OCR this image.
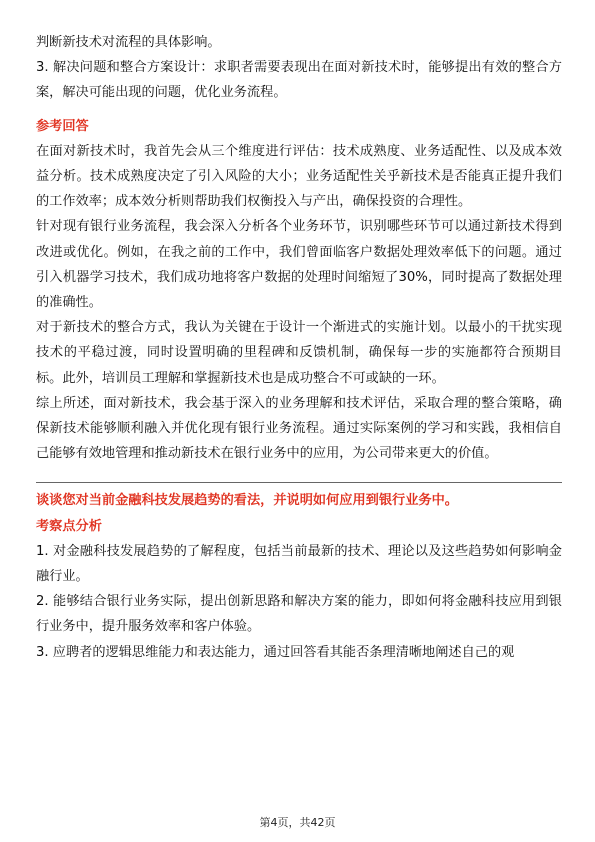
判断新技术对流程的具体影响。

3. 解决问题和整合方案设计：求职者需要表现出在面对新技术时，能够提出有效的整合方案，解决可能出现的问题，优化业务流程。

参考回答

在面对新技术时，我首先会从三个维度进行评估：技术成熟度、业务适配性、以及成本效益分析。技术成熟度决定了引入风险的大小；业务适配性关乎新技术是否能真正提升我们的工作效率；成本效分析则帮助我们权衡投入与产出，确保投资的合理性。

针对现有银行业务流程，我会深入分析各个业务环节，识别哪些环节可以通过新技术得到改进或优化。例如，在我之前的工作中，我们曾面临客户数据处理效率低下的问题。通过引入机器学习技术，我们成功地将客户数据的处理时间缩短了30%，同时提高了数据处理的准确性。

对于新技术的整合方式，我认为关键在于设计一个渐进式的实施计划。以最小的干扰实现技术的平稳过渡，同时设置明确的里程碑和反馈机制，确保每一步的实施都符合预期目标。此外，培训员工理解和掌握新技术也是成功整合不可或缺的一环。

综上所述，面对新技术，我会基于深入的业务理解和技术评估，采取合理的整合策略，确保新技术能够顺利融入并优化现有银行业务流程。通过实际案例的学习和实践，我相信自己能够有效地管理和推动新技术在银行业务中的应用，为公司带来更大的价值。

谈谈您对当前金融科技发展趋势的看法，并说明如何应用到银行业务中。
考察点分析

1. 对金融科技发展趋势的了解程度，包括当前最新的技术、理论以及这些趋势如何影响金融行业。

2. 能够结合银行业务实际，提出创新思路和解决方案的能力，即如何将金融科技应用到银行业务中，提升服务效率和客户体验。

3. 应聘者的逻辑思维能力和表达能力，通过回答看其能否条理清晰地阐述自己的观

第4页，共42页
